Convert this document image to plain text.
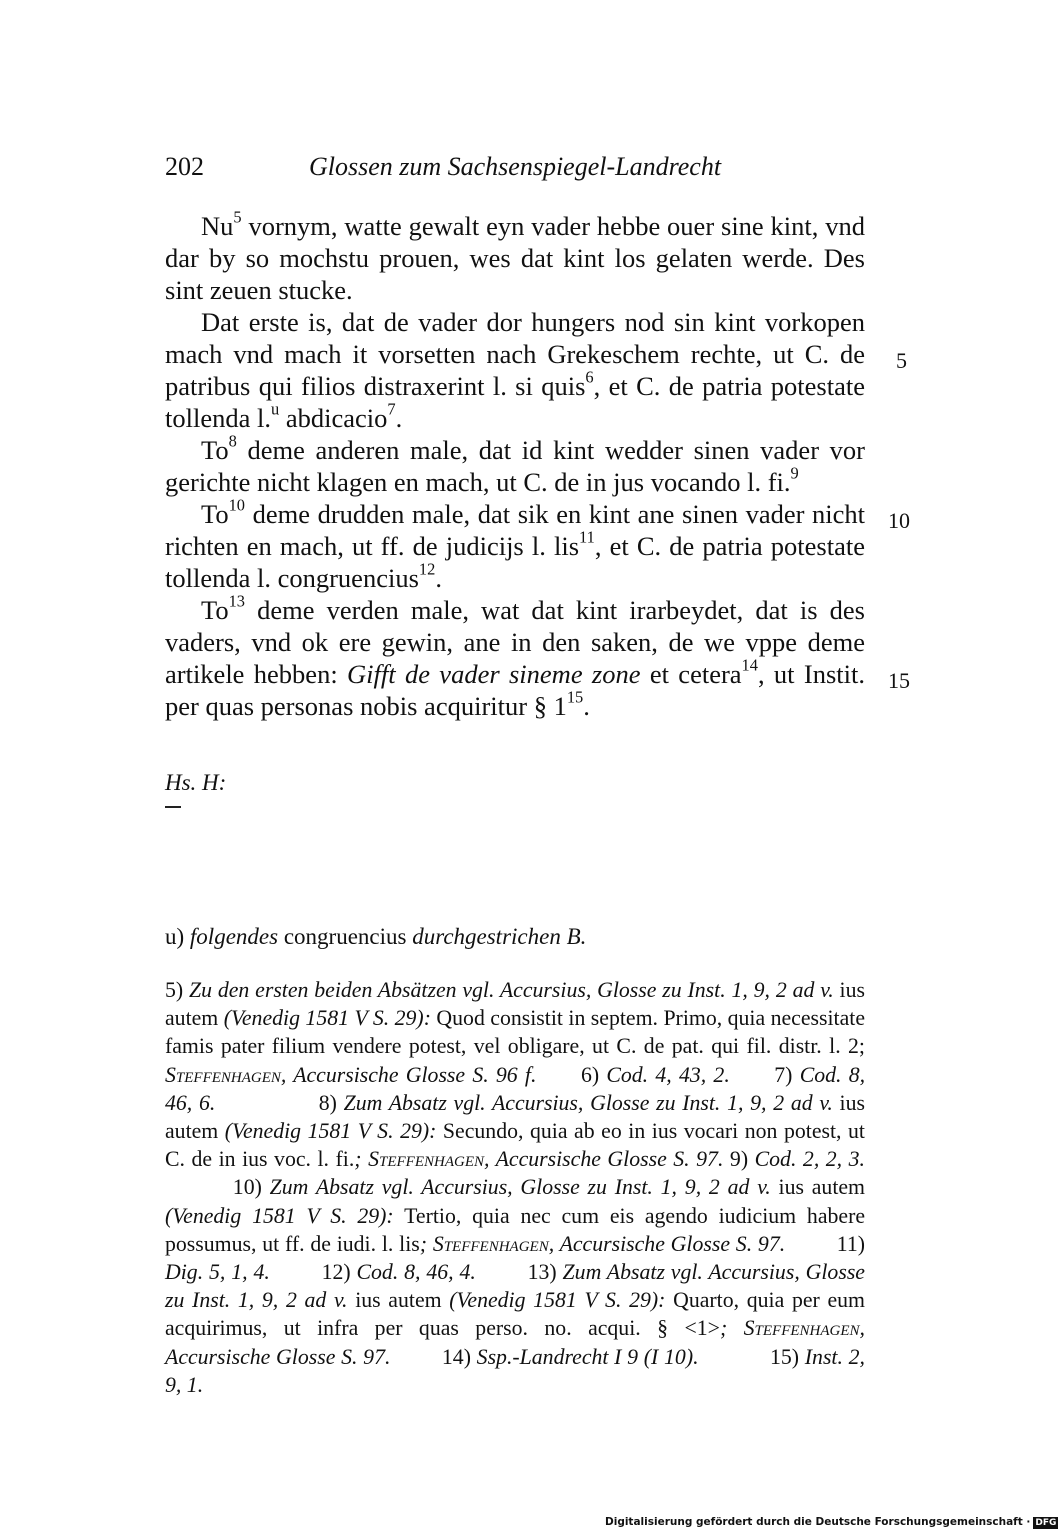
202	Glossen zum Sachsenspiegel-Landrecht

Nu$^5$ vornym, watte gewalt eyn vader hebbe ouer sine kint, vnd dar by so mochstu prouen, wes dat kint los gelaten werde. Des sint zeuen stucke.

Dat erste is, dat de vader dor hungers nod sin kint vorkopen mach vnd mach it vorsetten nach Grekeschem rechte, ut C. de patribus qui filios distraxerint l. si quis$^6$, et C. de patria potestate tollenda l.$^u$ abdicacio$^7$.

To$^8$ deme anderen male, dat id kint wedder sinen vader vor gerichte nicht klagen en mach, ut C. de in jus vocando l. fi.$^9$

To$^{10}$ deme drudden male, dat sik en kint ane sinen vader nicht richten en mach, ut ff. de judicijs l. lis$^{11}$, et C. de patria potestate tollenda l. congruencius$^{12}$.

To$^{13}$ deme verden male, wat dat kint irarbeydet, dat is des vaders, vnd ok ere gewin, ane in den saken, de we vppe deme artikele hebben: Gifft de vader sineme zone et cetera$^{14}$, ut Instit. per quas personas nobis acquiritur § $1^{15}$.

5
10
15
Hs. H:
u) folgendes congruencius durchgestrichen B.
5) Zu den ersten beiden Absätzen vgl. Accursius, Glosse zu Inst. 1, 9, 2 ad v. ius autem (Venedig 1581 V S. 29): Quod consistit in septem. Primo, quia necessitate famis pater filium vendere potest, vel obligare, ut C. de pat. qui fil. distr. l. 2; Steffenhagen, Accursische Glosse S. 96 f. 6) Cod. 4, 43, 2. 7) Cod. 8, 46, 6.	8) Zum Absatz vgl. Accursius, Glosse zu Inst. 1, 9, 2 ad v. ius autem (Venedig 1581 V S. 29): Secundo, quia ab eo in ius vocari non potest, ut C. de in ius voc. l. fi.; Steffenhagen, Accursische Glosse S. 97. 9) Cod. 2, 2, 3.  10) Zum Absatz vgl. Accursius, Glosse zu Inst. 1, 9, 2 ad v. ius autem (Venedig 1581 V S. 29): Tertio, quia nec cum eis agendo iudicium habere possumus, ut ff. de iudi. l. lis; Steffenhagen, Accursische Glosse S. 97. 11) Dig. 5, 1, 4. 12) Cod. 8, 46, 4. 13) Zum Absatz vgl. Accursius, Glosse zu Inst. 1, 9, 2 ad v. ius autem (Venedig 1581 V S. 29): Quarto, quia per eum acquirimus, ut infra per quas perso. no. acqui. § <1>; Steffenhagen, Accursische Glosse S. 97. 14) Ssp.-Landrecht I 9 (I 10).	15) Inst. 2, 9, 1.
Digitalisierung gefördert durch die Deutsche Forschungsgemeinschaft · DFG
